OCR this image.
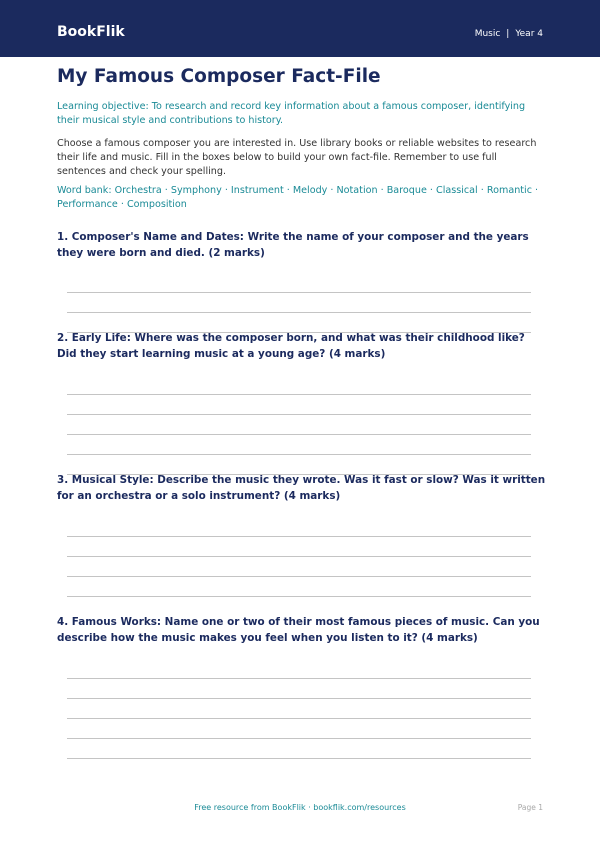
BookFlik	Music | Year 4
My Famous Composer Fact-File
Learning objective: To research and record key information about a famous composer, identifying their musical style and contributions to history.
Choose a famous composer you are interested in. Use library books or reliable websites to research their life and music. Fill in the boxes below to build your own fact-file. Remember to use full sentences and check your spelling.
Word bank: Orchestra · Symphony · Instrument · Melody · Notation · Baroque · Classical · Romantic · Performance · Composition
1. Composer's Name and Dates: Write the name of your composer and the years they were born and died. (2 marks)
2. Early Life: Where was the composer born, and what was their childhood like? Did they start learning music at a young age? (4 marks)
3. Musical Style: Describe the music they wrote. Was it fast or slow? Was it written for an orchestra or a solo instrument? (4 marks)
4. Famous Works: Name one or two of their most famous pieces of music. Can you describe how the music makes you feel when you listen to it? (4 marks)
Free resource from BookFlik · bookflik.com/resources	Page 1
